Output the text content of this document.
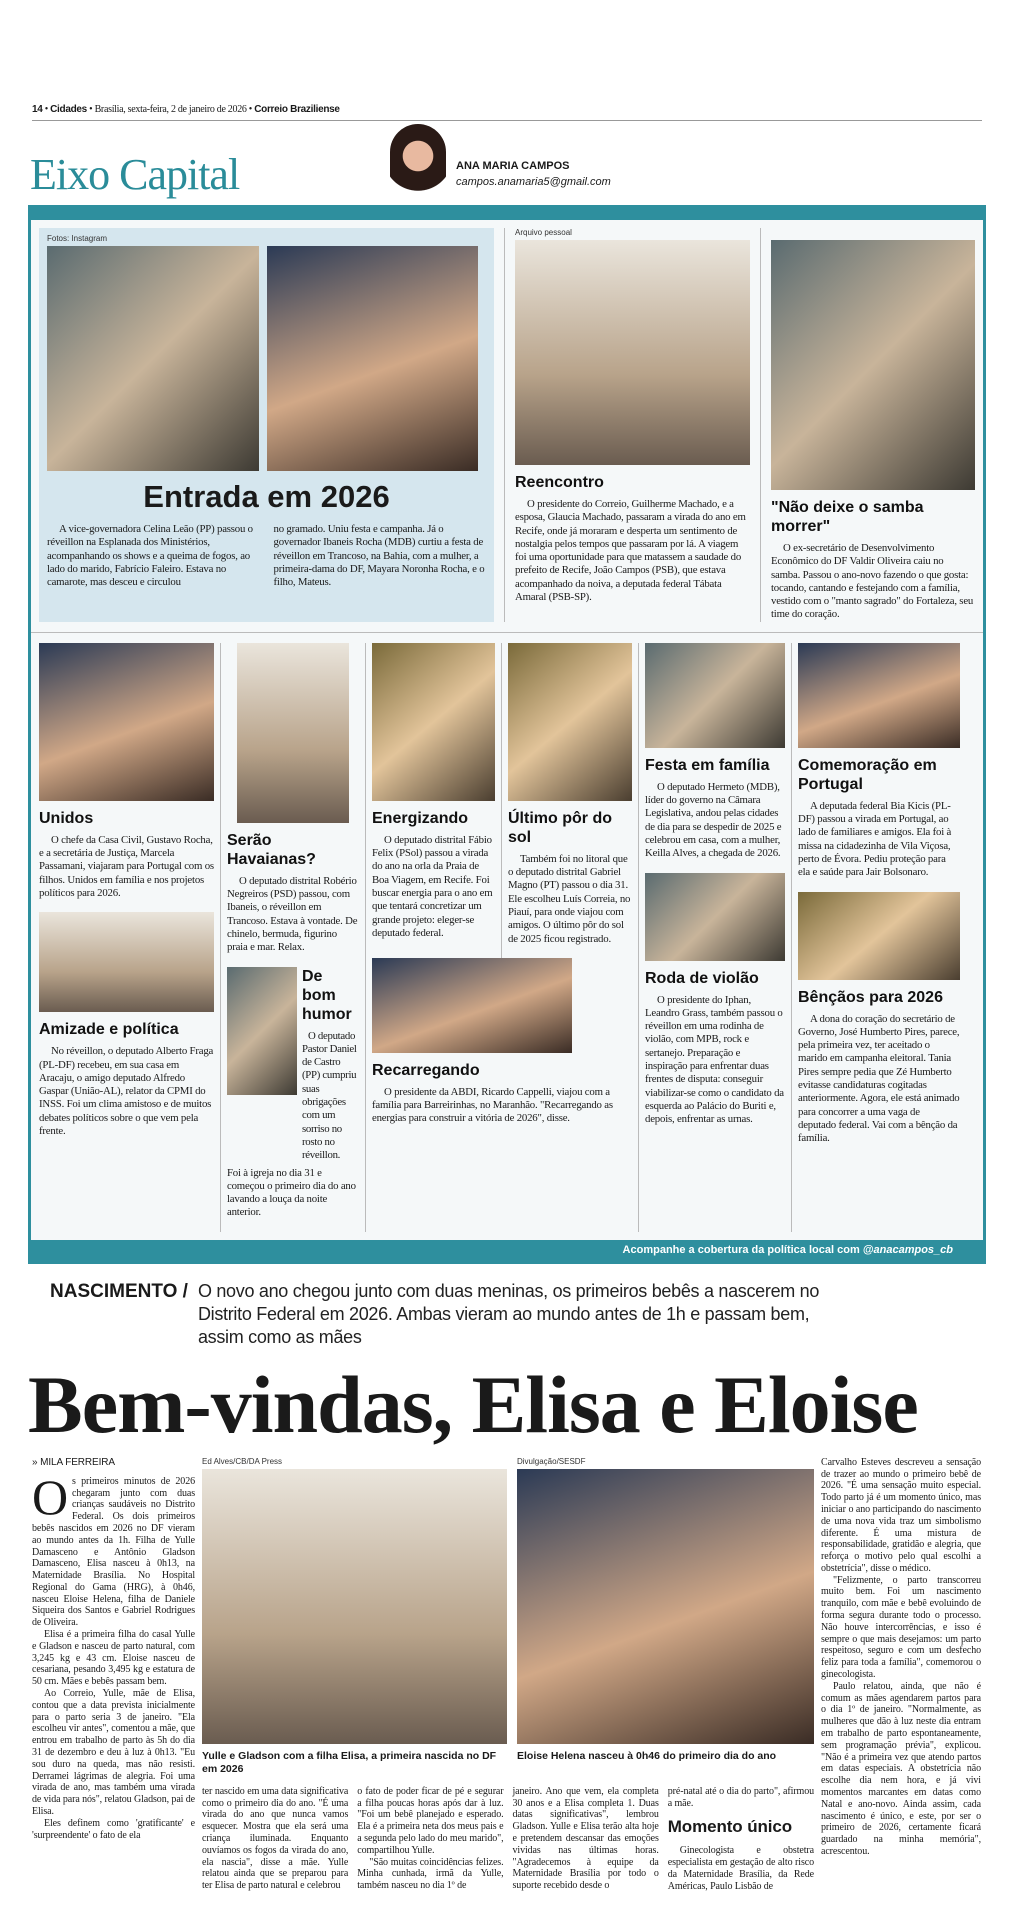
14 • Cidades • Brasília, sexta-feira, 2 de janeiro de 2026 • Correio Braziliense
Eixo Capital	ANA MARIA CAMPOS
campos.anamaria5@gmail.com
Fotos: Instagram
Entrada em 2026

A vice-governadora Celina Leão (PP) passou o réveillon na Esplanada dos Ministérios, acompanhando os shows e a queima de fogos, ao lado do marido, Fabrício Faleiro. Estava no camarote, mas desceu e circulou

no gramado. Uniu festa e campanha. Já o governador Ibaneis Rocha (MDB) curtiu a festa de réveillon em Trancoso, na Bahia, com a mulher, a primeira-dama do DF, Mayara Noronha Rocha, e o filho, Mateus.

Arquivo pessoal
Reencontro

O presidente do Correio, Guilherme Machado, e a esposa, Glaucia Machado, passaram a virada do ano em Recife, onde já moraram e desperta um sentimento de nostalgia pelos tempos que passaram por lá. A viagem foi uma oportunidade para que matassem a saudade do prefeito de Recife, João Campos (PSB), que estava acompanhado da noiva, a deputada federal Tábata Amaral (PSB-SP).

"Não deixe o samba morrer"

O ex-secretário de Desenvolvimento Econômico do DF Valdir Oliveira caiu no samba. Passou o ano-novo fazendo o que gosta: tocando, cantando e festejando com a família, vestido com o "manto sagrado" do Fortaleza, seu time do coração.

Unidos

O chefe da Casa Civil, Gustavo Rocha, e a secretária de Justiça, Marcela Passamani, viajaram para Portugal com os filhos. Unidos em família e nos projetos políticos para 2026.

Amizade e política

No réveillon, o deputado Alberto Fraga (PL-DF) recebeu, em sua casa em Aracaju, o amigo deputado Alfredo Gaspar (União-AL), relator da CPMI do INSS. Foi um clima amistoso e de muitos debates políticos sobre o que vem pela frente.

Serão Havaianas?

O deputado distrital Robério Negreiros (PSD) passou, com Ibaneis, o réveillon em Trancoso. Estava à vontade. De chinelo, bermuda, figurino praia e mar. Relax.

De bom humor

O deputado Pastor Daniel de Castro (PP) cumpriu suas obrigações com um sorriso no rosto no réveillon.

Foi à igreja no dia 31 e começou o primeiro dia do ano lavando a louça da noite anterior.

Energizando

O deputado distrital Fábio Felix (PSol) passou a virada do ano na orla da Praia de Boa Viagem, em Recife. Foi buscar energia para o ano em que tentará concretizar um grande projeto: eleger-se deputado federal.

Último pôr do sol

Também foi no litoral que o deputado distrital Gabriel Magno (PT) passou o dia 31. Ele escolheu Luís Correia, no Piauí, para onde viajou com amigos. O último pôr do sol de 2025 ficou registrado.

Recarregando

O presidente da ABDI, Ricardo Cappelli, viajou com a família para Barreirinhas, no Maranhão. "Recarregando as energias para construir a vitória de 2026", disse.

Festa em família

O deputado Hermeto (MDB), líder do governo na Câmara Legislativa, andou pelas cidades de dia para se despedir de 2025 e celebrou em casa, com a mulher, Keilla Alves, a chegada de 2026.

Roda de violão

O presidente do Iphan, Leandro Grass, também passou o réveillon em uma rodinha de violão, com MPB, rock e sertanejo. Preparação e inspiração para enfrentar duas frentes de disputa: conseguir viabilizar-se como o candidato da esquerda ao Palácio do Buriti e, depois, enfrentar as urnas.

Comemoração em Portugal

A deputada federal Bia Kicis (PL-DF) passou a virada em Portugal, ao lado de familiares e amigos. Ela foi à missa na cidadezinha de Vila Viçosa, perto de Évora. Pediu proteção para ela e saúde para Jair Bolsonaro.

Bênçãos para 2026

A dona do coração do secretário de Governo, José Humberto Pires, parece, pela primeira vez, ter aceitado o marido em campanha eleitoral. Tania Pires sempre pedia que Zé Humberto evitasse candidaturas cogitadas anteriormente. Agora, ele está animado para concorrer a uma vaga de deputado federal. Vai com a bênção da família.

Acompanhe a cobertura da política local com @anacampos_cb
NASCIMENTO / O novo ano chegou junto com duas meninas, os primeiros bebês a nascerem no Distrito Federal em 2026. Ambas vieram ao mundo antes de 1h e passam bem, assim como as mães
Bem-vindas, Elisa e Eloise
» MILA FERREIRA

Os primeiros minutos de 2026 chegaram junto com duas crianças saudáveis no Distrito Federal. Os dois primeiros bebês nascidos em 2026 no DF vieram ao mundo antes da 1h. Filha de Yulle Damasceno e Antônio Gladson Damasceno, Elisa nasceu à 0h13, na Maternidade Brasília. No Hospital Regional do Gama (HRG), à 0h46, nasceu Eloise Helena, filha de Daniele Siqueira dos Santos e Gabriel Rodrigues de Oliveira.

Elisa é a primeira filha do casal Yulle e Gladson e nasceu de parto natural, com 3,245 kg e 43 cm. Eloise nasceu de cesariana, pesando 3,495 kg e estatura de 50 cm. Mães e bebês passam bem.

Ao Correio, Yulle, mãe de Elisa, contou que a data prevista inicialmente para o parto seria 3 de janeiro. "Ela escolheu vir antes", comentou a mãe, que entrou em trabalho de parto às 5h do dia 31 de dezembro e deu à luz à 0h13. "Eu sou duro na queda, mas não resisti. Derramei lágrimas de alegria. Foi uma virada de ano, mas também uma virada de vida para nós", relatou Gladson, pai de Elisa.

Eles definem como 'gratificante' e 'surpreendente' o fato de ela

Ed Alves/CB/DA Press
Yulle e Gladson com a filha Elisa, a primeira nascida no DF em 2026
Divulgação/SESDF
Eloise Helena nasceu à 0h46 do primeiro dia do ano

ter nascido em uma data significativa como o primeiro dia do ano. "É uma virada do ano que nunca vamos esquecer. Mostra que ela será uma criança iluminada. Enquanto ouvíamos os fogos da virada do ano, ela nascia", disse a mãe. Yulle relatou ainda que se preparou para ter Elisa de parto natural e celebrou

o fato de poder ficar de pé e segurar a filha poucas horas após dar à luz. "Foi um bebê planejado e esperado. Ela é a primeira neta dos meus pais e a segunda pelo lado do meu marido", compartilhou Yulle.

"São muitas coincidências felizes. Minha cunhada, irmã da Yulle, também nasceu no dia 1º de

janeiro. Ano que vem, ela completa 30 anos e a Elisa completa 1. Duas datas significativas", lembrou Gladson. Yulle e Elisa terão alta hoje e pretendem descansar das emoções vividas nas últimas horas. "Agradecemos à equipe da Maternidade Brasília por todo o suporte recebido desde o

pré-natal até o dia do parto", afirmou a mãe.

Momento único

Ginecologista e obstetra especialista em gestação de alto risco da Maternidade Brasília, da Rede Américas, Paulo Lisbão de

Carvalho Esteves descreveu a sensação de trazer ao mundo o primeiro bebê de 2026. "É uma sensação muito especial. Todo parto já é um momento único, mas iniciar o ano participando do nascimento de uma nova vida traz um simbolismo diferente. É uma mistura de responsabilidade, gratidão e alegria, que reforça o motivo pelo qual escolhi a obstetrícia", disse o médico.

"Felizmente, o parto transcorreu muito bem. Foi um nascimento tranquilo, com mãe e bebê evoluindo de forma segura durante todo o processo. Não houve intercorrências, e isso é sempre o que mais desejamos: um parto respeitoso, seguro e com um desfecho feliz para toda a família", comemorou o ginecologista.

Paulo relatou, ainda, que não é comum as mães agendarem partos para o dia 1º de janeiro. "Normalmente, as mulheres que dão à luz neste dia entram em trabalho de parto espontaneamente, sem programação prévia", explicou. "Não é a primeira vez que atendo partos em datas especiais. A obstetrícia não escolhe dia nem hora, e já vivi momentos marcantes em datas como Natal e ano-novo. Ainda assim, cada nascimento é único, e este, por ser o primeiro de 2026, certamente ficará guardado na minha memória", acrescentou.
